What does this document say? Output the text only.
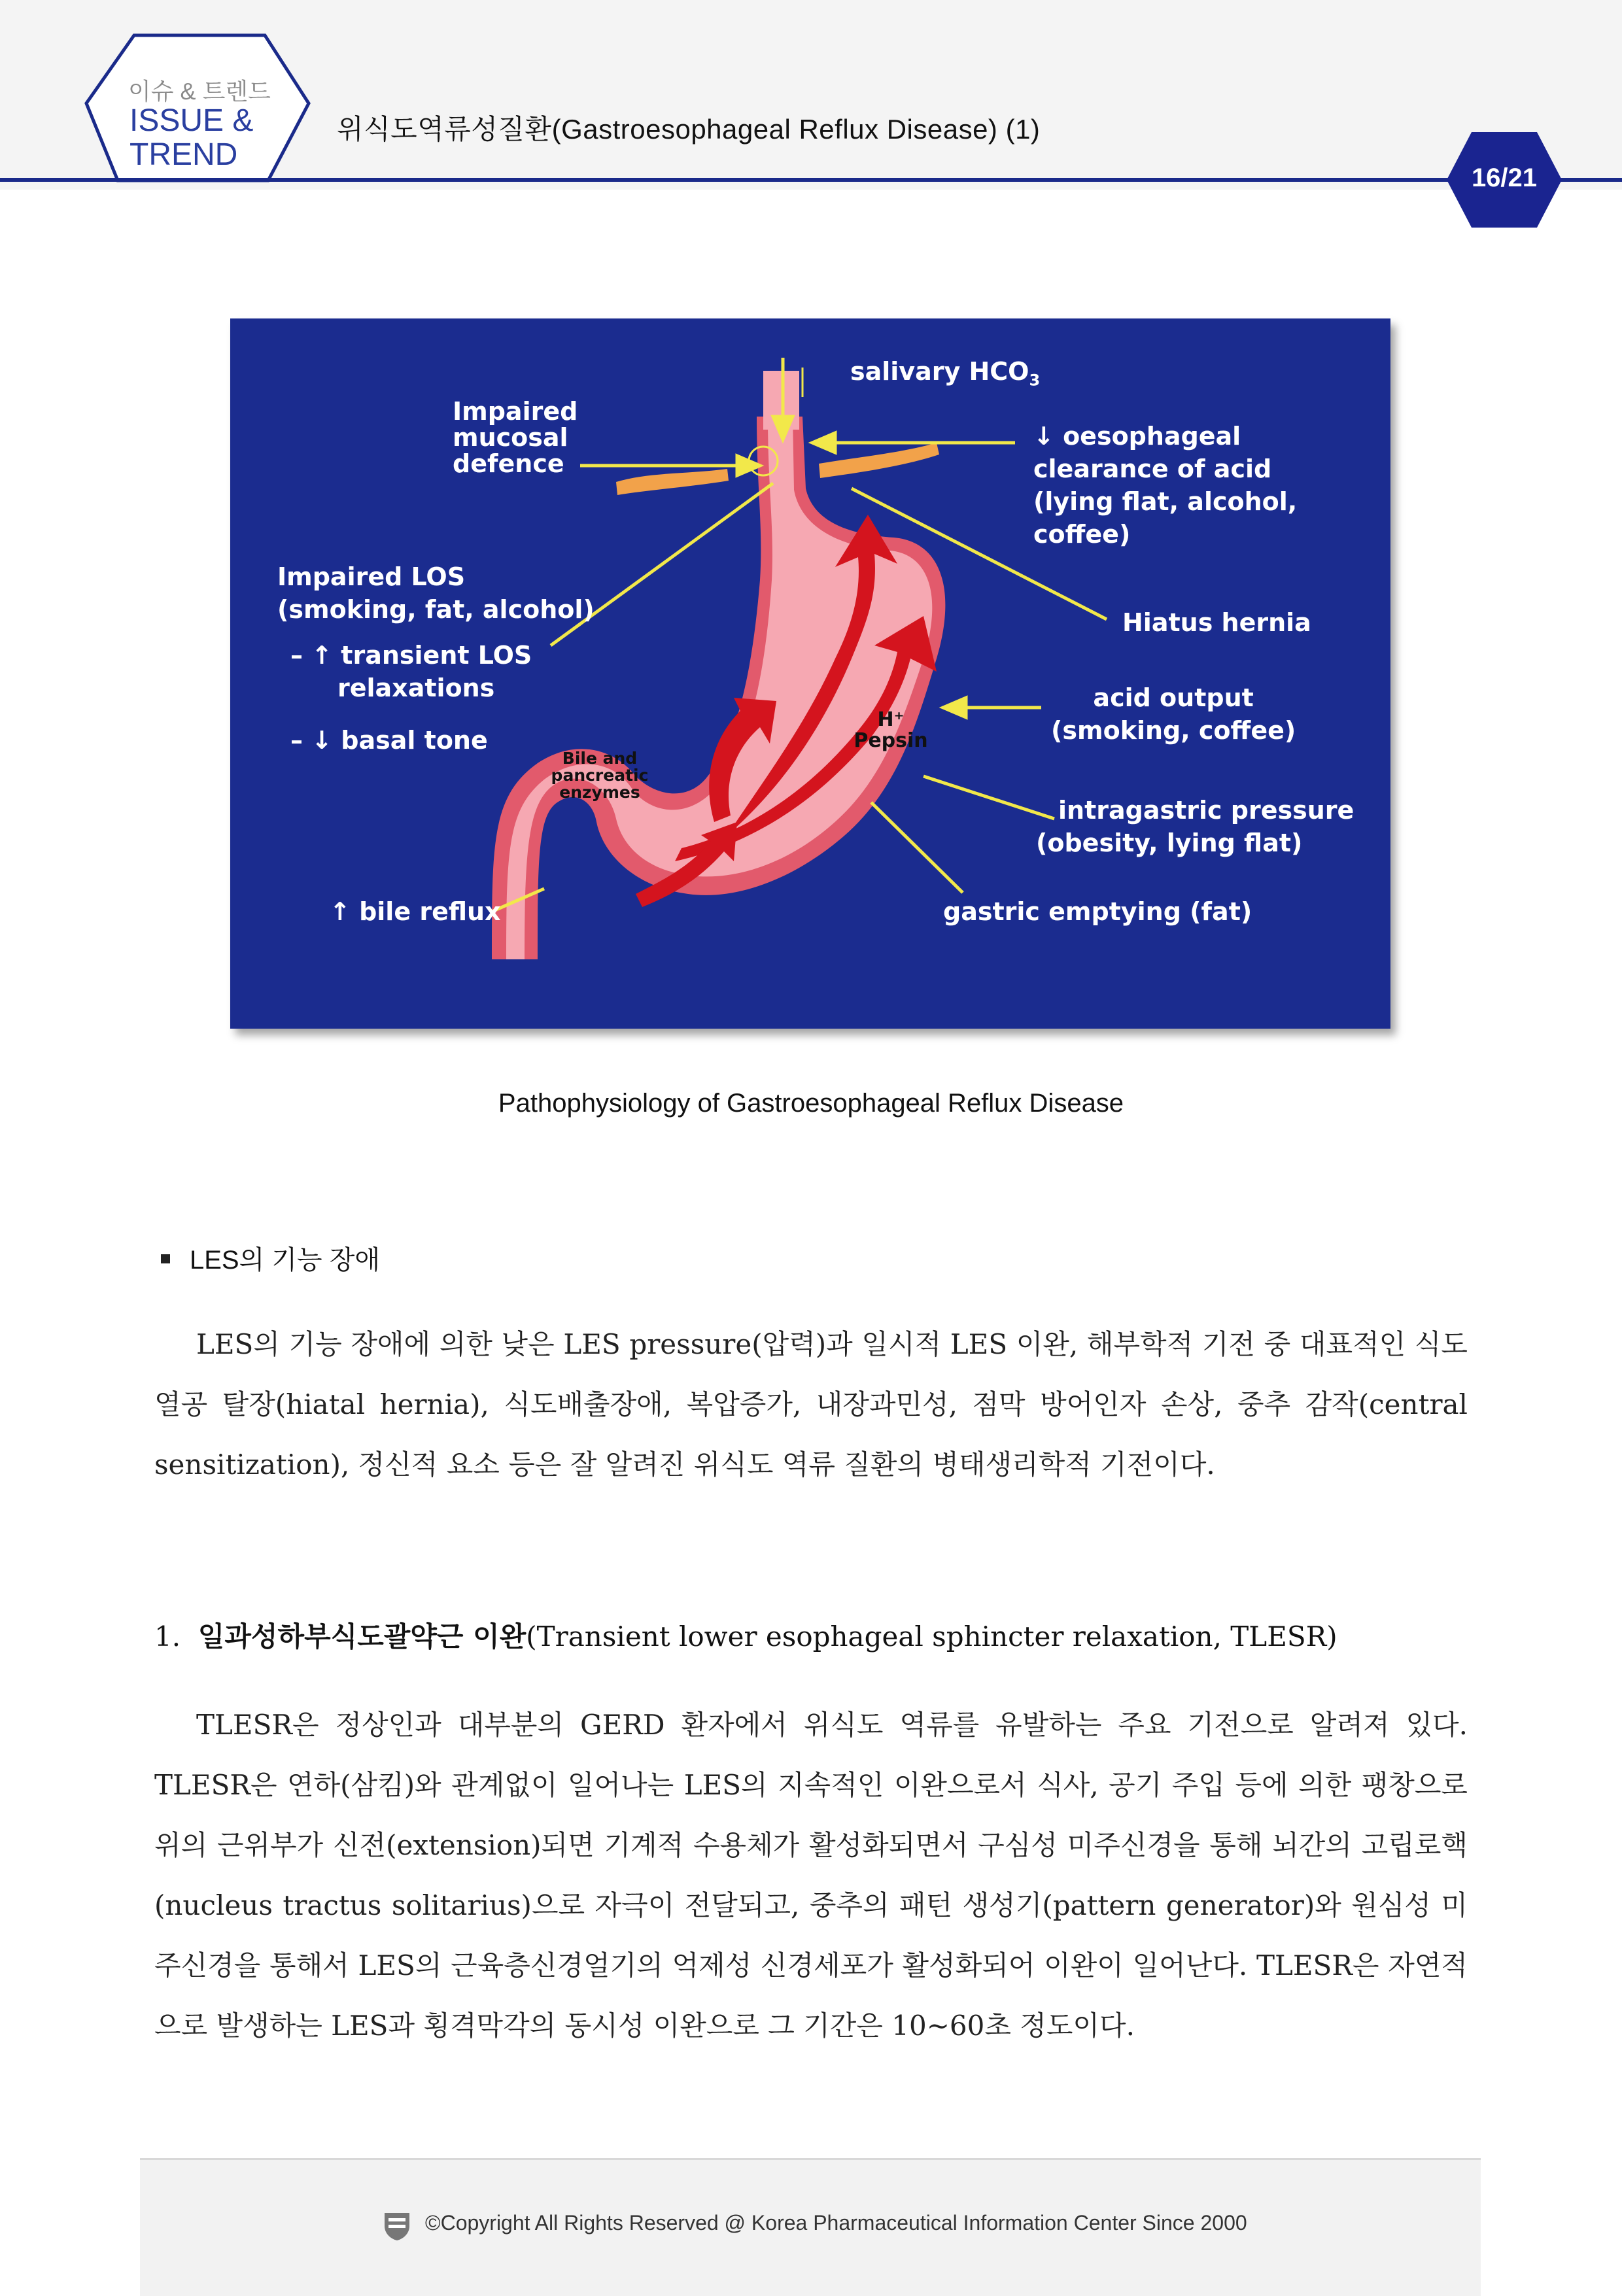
이슈 & 트렌드
ISSUE &
TREND
위식도역류성질환(Gastroesophageal Reflux Disease) (1)
16/21
salivary $HCO_3$
Impaired
mucosal
defence
↓ oesophageal
clearance of acid
(lying flat, alcohol,
coffee)
Impaired LOS
(smoking, fat, alcohol)
– ↑ transient LOS
relaxations
– ↓ basal tone
Hiatus hernia
acid output
(smoking, coffee)
Bile and
pancreatic
enzymes
H⁺
Pepsin
intragastric pressure
(obesity, lying flat)
↑ bile reflux	gastric emptying (fat)
Pathophysiology of Gastroesophageal Reflux Disease
LES의 기능 장애
LES의 기능 장애에 의한 낮은 LES pressure(압력)과 일시적 LES 이완, 해부학적 기전 중 대표적인 식도열공 탈장(hiatal hernia), 식도배출장애, 복압증가, 내장과민성, 점막 방어인자 손상, 중추 감작(central sensitization), 정신적 요소 등은 잘 알려진 위식도 역류 질환의 병태생리학적 기전이다.
1. 일과성하부식도괄약근 이완(Transient lower esophageal sphincter relaxation, TLESR)
TLESR은 정상인과 대부분의 GERD 환자에서 위식도 역류를 유발하는 주요 기전으로 알려져 있다. TLESR은 연하(삼킴)와 관계없이 일어나는 LES의 지속적인 이완으로서 식사, 공기 주입 등에 의한 팽창으로 위의 근위부가 신전(extension)되면 기계적 수용체가 활성화되면서 구심성 미주신경을 통해 뇌간의 고립로핵(nucleus tractus solitarius)으로 자극이 전달되고, 중추의 패턴 생성기(pattern generator)와 원심성 미주신경을 통해서 LES의 근육층신경얼기의 억제성 신경세포가 활성화되어 이완이 일어난다. TLESR은 자연적으로 발생하는 LES과 횡격막각의 동시성 이완으로 그 기간은 10~60초 정도이다.
©Copyright All Rights Reserved @ Korea Pharmaceutical Information Center Since 2000
